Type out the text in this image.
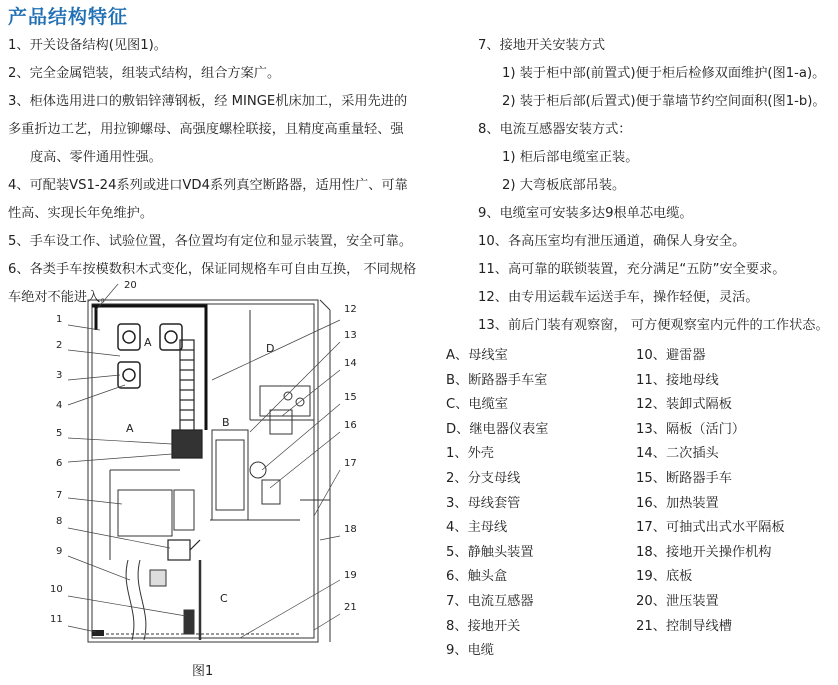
产品结构特征
1、开关设备结构(见图1)。
2、完全金属铠装，组装式结构，组合方案广。
3、柜体选用进口的敷铝锌薄钢板，经 MINGE机床加工，采用先进的
多重折边工艺，用拉铆螺母、高强度螺栓联接，且精度高重量轻、强
度高、零件通用性强。
4、可配装VS1-24系列或进口VD4系列真空断路器，适用性广、可靠
性高、实现长年免维护。
5、手车设工作、试验位置，各位置均有定位和显示装置，安全可靠。
6、各类手车按模数积木式变化，保证同规格车可自由互换， 不同规格
车绝对不能进入。
7、接地开关安装方式
1) 装于柜中部(前置式)便于柜后检修双面维护(图1-a)。
2) 装于柜后部(后置式)便于靠墙节约空间面积(图1-b)。
8、电流互感器安装方式：
1) 柜后部电缆室正装。
2) 大弯板底部吊装。
9、电缆室可安装多达9根单芯电缆。
10、各高压室均有泄压通道，确保人身安全。
11、高可靠的联锁装置，充分满足“五防”安全要求。
12、由专用运载车运送手车，操作轻便，灵活。
13、前后门装有观察窗， 可方便观察室内元件的工作状态。
A、母线室
B、断路器手车室
C、电缆室
D、继电器仪表室
1、外壳
2、分支母线
3、母线套管
4、主母线
5、静触头装置
6、触头盒
7、电流互感器
8、接地开关
9、电缆
10、避雷器
11、接地母线
12、装卸式隔板
13、隔板（活门）
14、二次插头
15、断路器手车
16、加热装置
17、可抽式出式水平隔板
18、接地开关操作机构
19、底板
20、泄压装置
21、控制导线槽
A
A
B
C
D
1
2
3
4
5
6
7
8
9
10
11
12
13
14
15
16
17
18
19
20
21
图1
